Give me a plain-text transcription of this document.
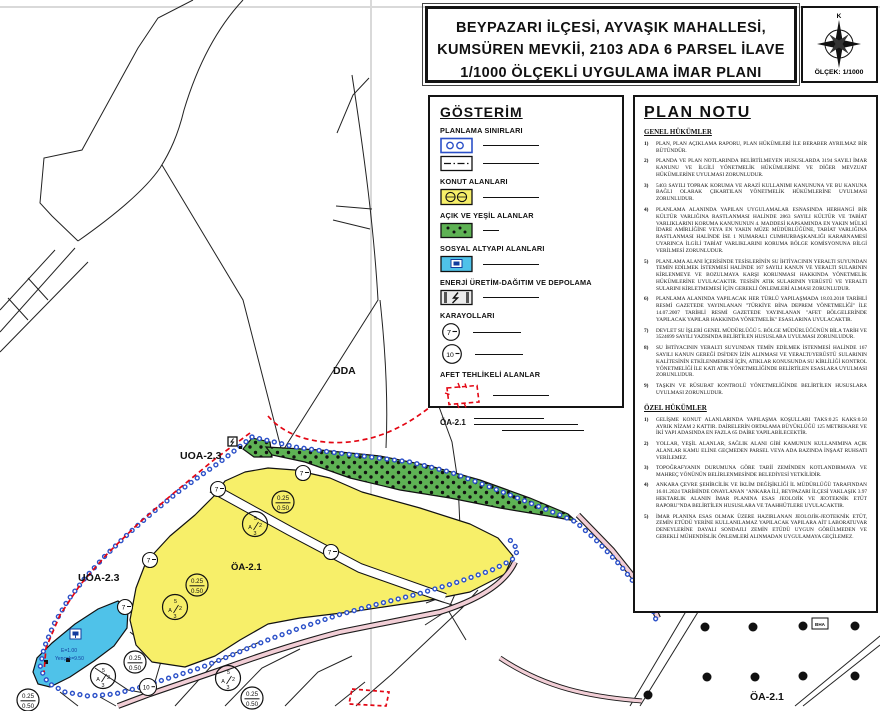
E=1.00
Yençok=9.50
0.25
0.50
0.25
0.50
0.25
0.50
0.25
0.50
0.25
0.50
5
A 2
3
5
A 2
3
5
A 2
3
5
A 2
3
7
7
7
7
7
10
BHA
DDA
UOA-2.3
UOA-2.3
ÖA-2.1
ÖA-2.1
BEYPAZARI İLÇESİ, AYVAŞIK MAHALLESİ,
KUMSÜREN MEVKİİ, 2103 ADA 6 PARSEL İLAVE
1/1000 ÖLÇEKLİ UYGULAMA İMAR PLANI
K
ÖLÇEK: 1/1000
GÖSTERİM
PLANLAMA SINIRLARI
KONUT ALANLARI
AÇIK VE YEŞİL ALANLAR
SOSYAL ALTYAPI ALANLARI
ENERJİ ÜRETİM-DAĞITIM VE DEPOLAMA
KARAYOLLARI
7
10
AFET TEHLİKELİ ALANLAR
ÖA-2.1
PLAN NOTU
GENEL HÜKÜMLER
1)	PLAN, PLAN AÇIKLAMA RAPORU, PLAN HÜKÜMLERİ İLE BERABER AYRILMAZ BİR BÜTÜNDÜR.
2)	PLANDA VE PLAN NOTLARINDA BELİRTİLMEYEN HUSUSLARDA 3194 SAYILI İMAR KANUNU VE İLGİLİ YÖNETMELİK HÜKÜMLERİNE VE DİĞER MEVZUAT HÜKÜMLERİNE UYULMASI ZORUNLUDUR.
3)	5403 SAYILI TOPRAK KORUMA VE ARAZİ KULLANIMI KANUNUNA VE BU KANUNA BAĞLI OLARAK ÇIKARTILAN YÖNETMELİK HÜKÜMLERİNE UYULMASI ZORUNLUDUR.
4)	PLANLAMA ALANINDA YAPILAN UYGULAMALAR ESNASINDA HERHANGİ BİR KÜLTÜR VARLIĞINA RASTLANMASI HALİNDE 2863 SAYILI KÜLTÜR VE TABİAT VARLIKLARINI KORUMA KANUNUNUN 4. MADDESİ KAPSAMINDA EN YAKIN MÜLKİ İDARE AMİRLİĞİNE VEYA EN YAKIN MÜZE MÜDÜRLÜĞÜNE, TABİAT VARLIĞINA RASTLANMASI HALİNDE İSE 1 NUMARALI CUMHURBAŞKANLIĞI KARARNAMESİ UYARINCA İLGİLİ TABİAT VARLIKLARINI KORUMA BÖLGE KOMİSYONUNA BİLGİ VERİLMESİ ZORUNLUDUR.
5)	PLANLAMA ALANI İÇERİSİNDE TESİSLERİNİN SU İHTİYACININ YERALTI SUYUNDAN TEMİN EDİLMEK İSTENMESİ HALİNDE 167 SAYILI KANUN VE YERALTI SULARININ KİRLENMEYE VE BOZULMAYA KARŞI KORUNMASI HAKKINDA YÖNETMELİK HÜKÜMLERİNE UYULACAKTIR. TESİSİN ATIK SULARININ YERÜSTÜ VE YERALTI SULARINI KİRLETMEMESİ İÇİN GEREKLİ ÖNLEMLERİ ALMASI ZORUNLUDUR.
6)	PLANLAMA ALANINDA YAPILACAK HER TÜRLÜ YAPILAŞMADA 18.03.2018 TARİHLİ RESMİ GAZETEDE YAYINLANAN "TÜRKİYE BİNA DEPREM YÖNETMELİĞİ" İLE 14.07.2007 TARİHLİ RESMİ GAZETEDE YAYINLANAN "AFET BÖLGELERİNDE YAPILACAK YAPILAR HAKKINDA YÖNETMELİK" ESASLARINA UYULACAKTIR.
7)	DEVLET SU İŞLERİ GENEL MÜDÜRLÜĞÜ 5. BÖLGE MÜDÜRLÜĞÜNÜN BİLA TARİH VE 3524699 SAYILI YAZISINDA BELİRTİLEN HUSUSLARA UYULMASI ZORUNLUDUR.
8)	SU İHTİYACININ YERALTI SUYUNDAN TEMİN EDİLMEK İSTENMESİ HALİNDE 167 SAYILI KANUN GEREĞİ DSİ'DEN İZİN ALINMASI VE YERALTI/YERÜSTÜ SULARININ KALİTESİNİN ETKİLENMEMESİ İÇİN, ATIKLAR KONUSUNDA SU KİRLİLİĞİ KONTROL YÖNETMELİĞİ İLE KATI ATIK YÖNETMELİĞİNDE BELİRTİLEN ESASLARA UYULMASI ZORUNLUDUR.
9)	TAŞKIN VE RÜSUBAT KONTROLÜ YÖNETMELİĞİNDE BELİRTİLEN HUSUSLARA UYULMASI ZORUNLUDUR.
ÖZEL HÜKÜMLER
1)	GELİŞME KONUT ALANLARINDA YAPILAŞMA KOŞULLARI TAKS:0.25 KAKS:0.50 AYRIK NİZAM 2 KATTIR. DAİRELERİN ORTALAMA BÜYÜKLÜĞÜ 125 METREKARE VE İKİ YAPI ADASINDA EN FAZLA 65 DAİRE YAPILABİLECEKTİR.
2)	YOLLAR, YEŞİL ALANLAR, SAĞLIK ALANI GİBİ KAMUNUN KULLANIMINA AÇIK ALANLAR KAMU ELİNE GEÇMEDEN PARSEL VEYA ADA BAZINDA İNŞAAT RUHSATI VERİLEMEZ.
3)	TOPOĞRAFYANIN DURUMUNA GÖRE TABİİ ZEMİNDEN KOTLANDIRMAYA VE MAHREÇ YÖNÜNÜN BELİRLENMESİNDE BELEDİYESİ YETKİLİDİR.
4)	ANKARA ÇEVRE ŞEHİRCİLİK VE İKLİM DEĞİŞİKLİĞİ İL MÜDÜRLÜĞÜ TARAFINDAN 16.01.2024 TARİHİNDE ONAYLANAN "ANKARA İLİ, BEYPAZARI İLÇESİ YAKLAŞIK 3.97 HEKTARLIK ALANIN İMAR PLANINA ESAS JEOLOJİK VE JEOTEKNİK ETÜT RAPORU"NDA BELİRTİLEN HUSUSLARA VE TAAHHÜTLERE UYULACAKTIR.
5)	İMAR PLANINA ESAS OLMAK ÜZERE HAZIRLANAN JEOLOJİK-JEOTEKNİK ETÜT, ZEMİN ETÜDÜ YERİNE KULLANILAMAZ YAPILACAK YAPILARA AİT LABORATUVAR DENEYLERİNE DAYALI SONDAJLI ZEMİN ETÜDÜ UYGUN GÖRÜLMEDEN VE GEREKLİ MÜHENDİSLİK ÖNLEMLERİ ALINMADAN UYGULAMAYA GEÇİLEMEZ.
